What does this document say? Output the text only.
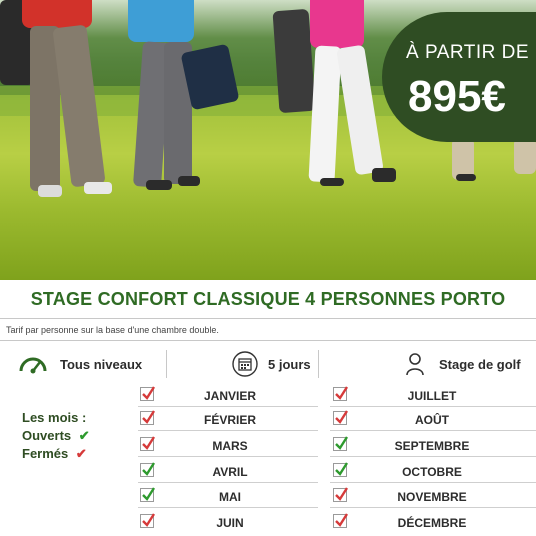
À PARTIR DE
895€
STAGE CONFORT CLASSIQUE 4 PERSONNES PORTO
Tarif par personne sur la base d'une chambre double.
Tous niveaux	5 jours	Stage de golf
Les mois :
Ouverts ✔
Fermés ✔
JANVIER
FÉVRIER
MARS
AVRIL
MAI
JUIN
JUILLET
AOÛT
SEPTEMBRE
OCTOBRE
NOVEMBRE
DÉCEMBRE
